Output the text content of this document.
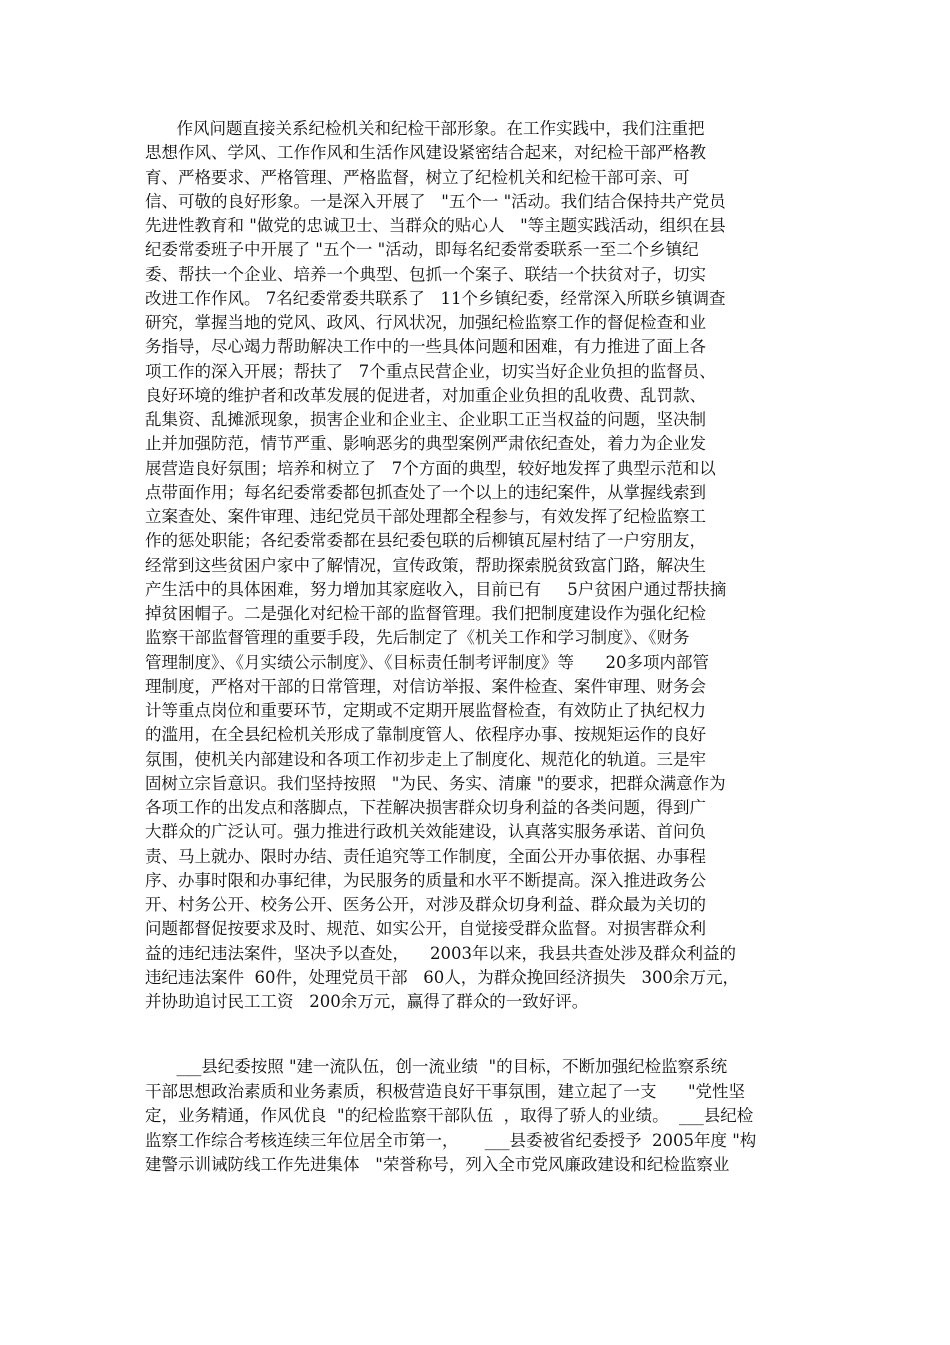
作风问题直接关系纪检机关和纪检干部形象。在工作实践中，我们注重把

思想作风、学风、工作作风和生活作风建设紧密结合起来，对纪检干部严格教

育、严格要求、严格管理、严格监督，树立了纪检机关和纪检干部可亲、可

信、可敬的良好形象。一是深入开展了   "五个一 "活动。我们结合保持共产党员

先进性教育和 "做党的忠诚卫士、当群众的贴心人   "等主题实践活动，组织在县

纪委常委班子中开展了 "五个一 "活动，即每名纪委常委联系一至二个乡镇纪

委、帮扶一个企业、培养一个典型、包抓一个案子、联结一个扶贫对子，切实

改进工作作风。 7名纪委常委共联系了   11个乡镇纪委，经常深入所联乡镇调查

研究，掌握当地的党风、政风、行风状况，加强纪检监察工作的督促检查和业

务指导，尽心竭力帮助解决工作中的一些具体问题和困难，有力推进了面上各

项工作的深入开展；帮扶了   7个重点民营企业，切实当好企业负担的监督员、

良好环境的维护者和改革发展的促进者，对加重企业负担的乱收费、乱罚款、

乱集资、乱摊派现象，损害企业和企业主、企业职工正当权益的问题，坚决制

止并加强防范，情节严重、影响恶劣的典型案例严肃依纪查处，着力为企业发

展营造良好氛围；培养和树立了   7个方面的典型，较好地发挥了典型示范和以

点带面作用；每名纪委常委都包抓查处了一个以上的违纪案件，从掌握线索到

立案查处、案件审理、违纪党员干部处理都全程参与，有效发挥了纪检监察工

作的惩处职能；各纪委常委都在县纪委包联的后柳镇瓦屋村结了一户穷朋友，

经常到这些贫困户家中了解情况，宣传政策，帮助探索脱贫致富门路，解决生

产生活中的具体困难，努力增加其家庭收入，目前已有     5户贫困户通过帮扶摘

掉贫困帽子。二是强化对纪检干部的监督管理。我们把制度建设作为强化纪检

监察干部监督管理的重要手段，先后制定了《机关工作和学习制度》、《财务

管理制度》、《月实绩公示制度》、《目标责任制考评制度》等      20多项内部管

理制度，严格对干部的日常管理，对信访举报、案件检查、案件审理、财务会

计等重点岗位和重要环节，定期或不定期开展监督检查，有效防止了执纪权力

的滥用，在全县纪检机关形成了靠制度管人、依程序办事、按规矩运作的良好

氛围，使机关内部建设和各项工作初步走上了制度化、规范化的轨道。三是牢

固树立宗旨意识。我们坚持按照   "为民、务实、清廉 "的要求，把群众满意作为

各项工作的出发点和落脚点，下茬解决损害群众切身利益的各类问题，得到广

大群众的广泛认可。强力推进行政机关效能建设，认真落实服务承诺、首问负

责、马上就办、限时办结、责任追究等工作制度，全面公开办事依据、办事程

序、办事时限和办事纪律，为民服务的质量和水平不断提高。深入推进政务公

开、村务公开、校务公开、医务公开，对涉及群众切身利益、群众最为关切的

问题都督促按要求及时、规范、如实公开，自觉接受群众监督。对损害群众利

益的违纪违法案件，坚决予以查处，    2003年以来，我县共查处涉及群众利益的

违纪违法案件  60件，处理党员干部   60人，为群众挽回经济损失   300余万元，

并协助追讨民工工资   200余万元，赢得了群众的一致好评。

___县纪委按照 "建一流队伍，创一流业绩  "的目标，不断加强纪检监察系统

干部思想政治素质和业务素质，积极营造良好干事氛围，建立起了一支      "党性坚

定，业务精通，作风优良  "的纪检监察干部队伍  ，取得了骄人的业绩。  ___县纪检

监察工作综合考核连续三年位居全市第一，     ___县委被省纪委授予  2005年度 "构

建警示训诫防线工作先进集体   "荣誉称号，列入全市党风廉政建设和纪检监察业
